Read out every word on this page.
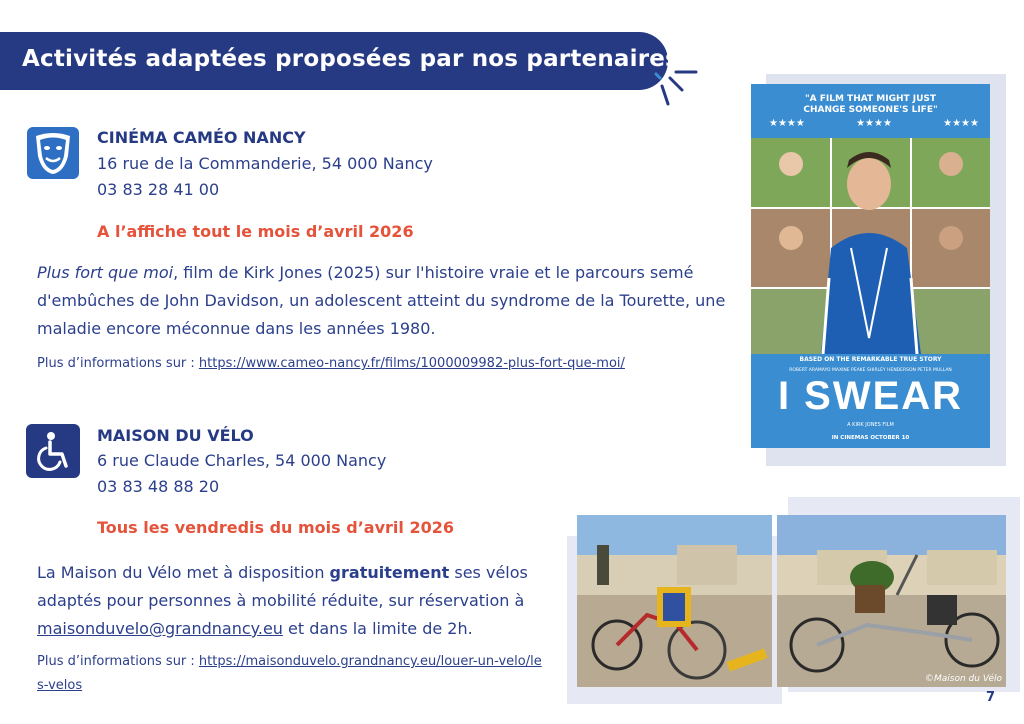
Activités adaptées proposées par nos partenaires
CINÉMA CAMÉO NANCY
16 rue de la Commanderie, 54 000 Nancy
03 83 28 41 00
A l’affiche tout le mois d’avril 2026
Plus fort que moi, film de Kirk Jones (2025) sur l'histoire vraie et le parcours semé d'embûches de John Davidson, un adolescent atteint du syndrome de la Tourette, une maladie encore méconnue dans les années 1980.
Plus d’informations sur : https://www.cameo-nancy.fr/films/1000009982-plus-fort-que-moi/
"A FILM THAT MIGHT JUST
CHANGE SOMEONE'S LIFE"
★★★★	★★★★	★★★★
BASED ON THE REMARKABLE TRUE STORY
ROBERT ARAMAYO MAXINE PEAKE SHIRLEY HENDERSON PETER MULLAN
I SWEAR
A KIRK JONES FILM
IN CINEMAS OCTOBER 10
MAISON DU VÉLO
6 rue Claude Charles, 54 000 Nancy
03 83 48 88 20
Tous les vendredis du mois d’avril 2026
La Maison du Vélo met à disposition gratuitement ses vélos adaptés pour personnes à mobilité réduite, sur réservation à maisonduvelo@grandnancy.eu et dans la limite de 2h.
Plus d’informations sur : https://maisonduvelo.grandnancy.eu/louer-un-velo/les-velos	©Maison du Vélo
7
